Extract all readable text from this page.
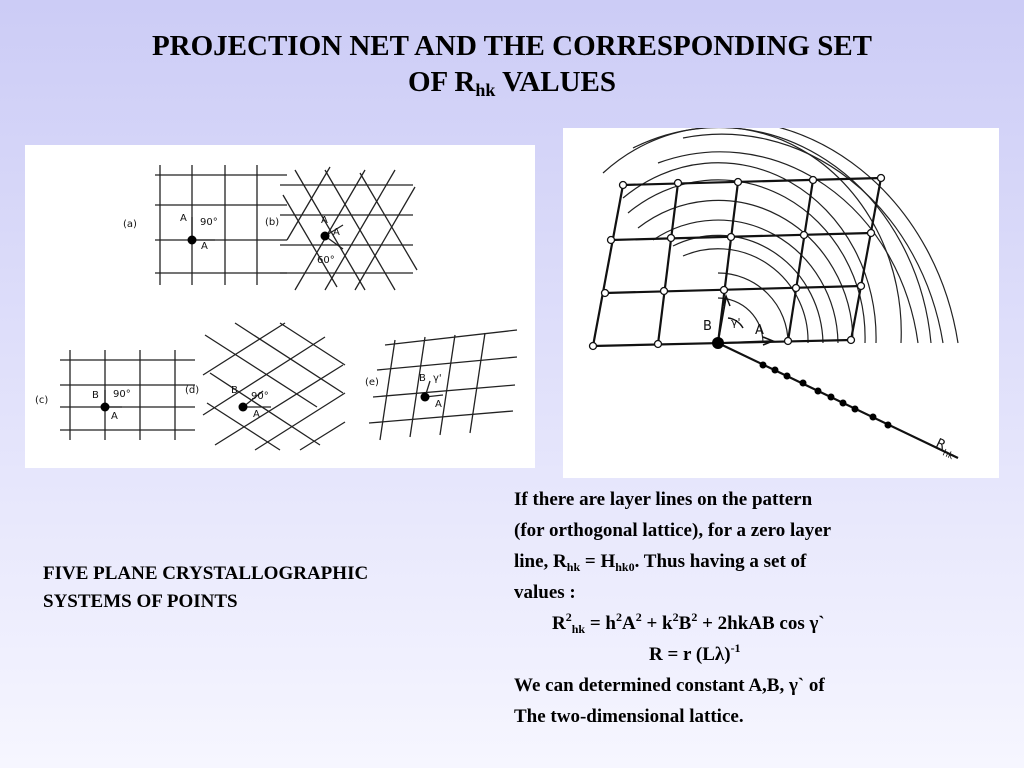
PROJECTION NET AND THE CORRESPONDING SET
OF $R_{hk}$ VALUES
(a)	(b)
(c)
(d)
(e)
A
A
90°	A
A
60°
B
A
90°	B
A
90°
B
A
γ'
B	A
γ'
R
hk
FIVE PLANE CRYSTALLOGRAPHIC
SYSTEMS OF POINTS
If there are layer lines on the pattern
(for orthogonal lattice), for a zero layer
line, $R_{hk} = H_{hk0}$. Thus having a set of
values :
$R^2_{hk} = h^2A^2 + k^2B^2$ + 2hkAB cos γ`
R = r $(L\lambda)^{-1}$
We can determined constant A,B, γ` of
The two-dimensional lattice.
